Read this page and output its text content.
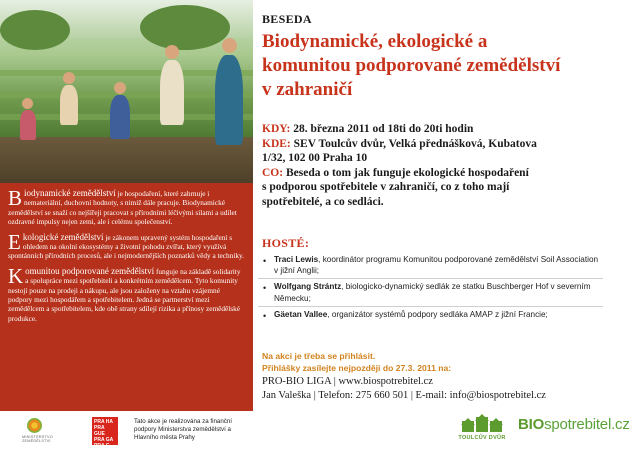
Biodynamické zemědělství je hospodaření, které zahrnuje i nemateriální, duchovní hodnoty, s nimiž dále pracuje. Biodynamické zemědělství se snaží co nejšířeji pracovat s přírodními léčivými silami a udílet ozdravné impulsy nejen zemi, ale i celému společenství.

Ekologické zemědělství je zákonem upravený systém hospodaření s ohledem na okolní ekosystémy a životní pohodu zvířat, který využívá spontánních přírodních procesů, ale i nejmodernějších poznatků vědy a techniky.

Komunitou podporované zemědělství funguje na základě solidarity a spolupráce mezi spotřebiteli a konkrétním zemědělcem. Tyto komunity nestojí pouze na prodeji a nákupu, ale jsou založeny na vztahu vzájemné podpory mezi hospodářem a spotřebitelem. Jedná se partnerství mezi zemědělcem a spotřebitelem, kde obě strany sdílejí rizika a přínosy zemědělské produkce.

MINISTERSTVO ZEMĚDĚLSTVÍ
PRA HA PRA GUE PRA GA PRA G
Tato akce je realizována za finanční podpory Ministerstva zemědělství a Hlavního města Prahy
BESEDA
Biodynamické, ekologické a komunitou podporované zemědělství v zahraničí
KDY: 28. března 2011 od 18ti do 20ti hodin
KDE: SEV Toulcův dvůr, Velká přednášková, Kubatova
1/32, 102 00 Praha 10
CO: Beseda o tom jak funguje ekologické hospodaření
s podporou spotřebitele v zahraničí, co z toho mají
spotřebitelé, a co sedláci.
HOSTÉ:
• Traci Lewis, koordinátor programu Komunitou podporované zemědělství Soil Association v jižní Anglii;
• Wolfgang Strántz, biologicko-dynamický sedlák ze statku Buschberger Hof v severním Německu;
• Gäetan Vallee, organizátor systémů podpory sedláka AMAP z jižní Francie;
Na akci je třeba se přihlásit.
Přihlášky zasílejte nejpozději do 27.3. 2011 na:
PRO-BIO LIGA | www.biospotrebitel.cz
Jan Valeška | Telefon: 275 660 501 | E-mail: info@biospotrebitel.cz
TOULCŮV DVŮR
BIOspotrebitel.cz
